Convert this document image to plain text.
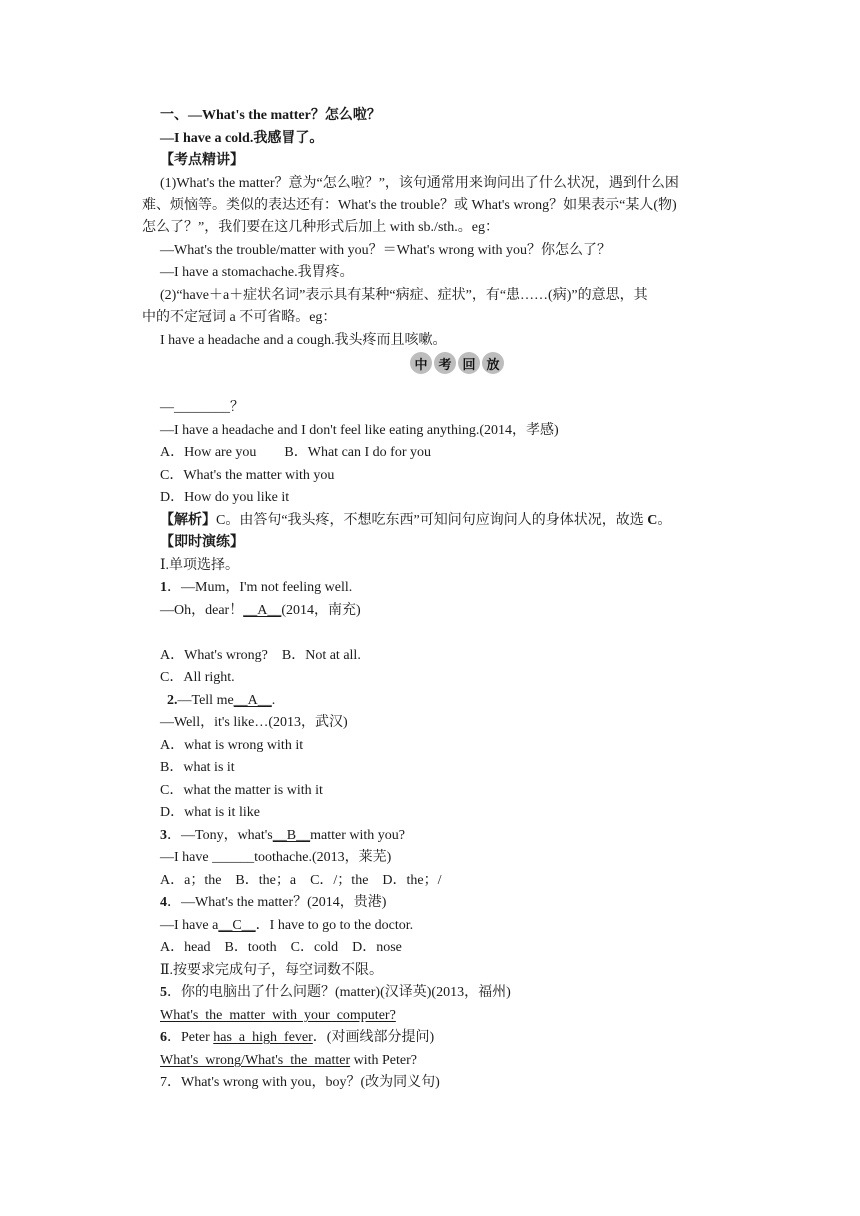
一、—What's the matter？怎么啦？
—I have a cold.我感冒了。
【考点精讲】
(1)What's the matter？意为“怎么啦？”，该句通常用来询问出了什么状况，遇到什么困
难、烦恼等。类似的表达还有：What's the trouble？或 What's wrong？如果表示“某人(物)
怎么了？”，我们要在这几种形式后加上 with sb./sth.。eg：
—What's the trouble/matter with you？＝What's wrong with you？你怎么了？
—I have a stomachache.我胃疼。
(2)“have＋a＋症状名词”表示具有某种“病症、症状”，有“患……(病)”的意思，其
中的不定冠词 a 不可省略。eg：
I have a headache and a cough.我头疼而且咳嗽。
中 考 回 放
—________？
—I have a headache and I don't feel like eating anything.(2014，孝感)
A．How are you        B．What can I do for you
C．What's the matter with you
D．How do you like it
【解析】C。由答句“我头疼，不想吃东西”可知问句应询问人的身体状况，故选 C。
【即时演练】
Ⅰ.单项选择。
1．—Mum，I'm not feeling well.
—Oh，dear！__A__(2014，南充)
A．What's wrong?    B．Not at all.
C．All right.
2.—Tell me__A__.
—Well，it's like…(2013，武汉)
A．what is wrong with it
B．what is it
C．what the matter is with it
D．what is it like
3．—Tony，what's__B__matter with you?
—I have ______toothache.(2013，莱芜)
A．a；the    B．the；a    C．/；the    D．the；/
4．—What's the matter？(2014，贵港)
—I have a__C__．I have to go to the doctor.
A．head    B．tooth    C．cold    D．nose
Ⅱ.按要求完成句子，每空词数不限。
5．你的电脑出了什么问题？(matter)(汉译英)(2013，福州)
What's  the  matter  with  your  computer?
6．Peter has  a  high  fever．(对画线部分提问)
What's  wrong/What's  the  matter with Peter?
7．What's wrong with you，boy？(改为同义句)
